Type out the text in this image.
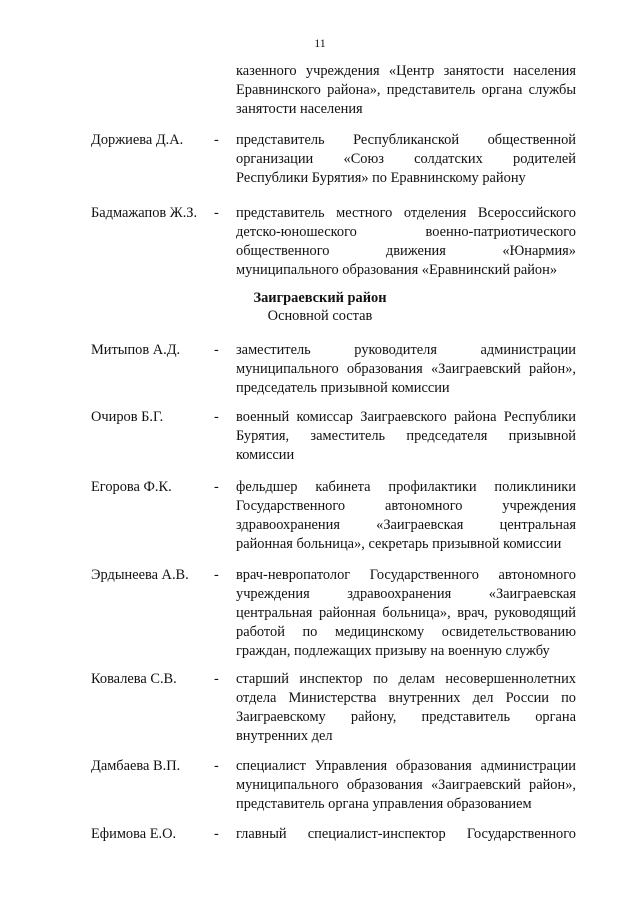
11
казенного учреждения «Центр занятости населения
Еравнинского района», представитель органа службы
занятости населения
Доржиева Д.А. - представитель Республиканской общественной
организации «Союз солдатских родителей
Республики Бурятия» по Еравнинскому району
Бадмажапов Ж.З. - представитель местного отделения Всероссийского
детско-юношеского военно-патриотического
общественного движения «Юнармия»
муниципального образования «Еравнинский район»
Заиграевский район
Основной состав
Митыпов А.Д. - заместитель руководителя администрации
муниципального образования «Заиграевский район»,
председатель призывной комиссии
Очиров Б.Г.	- военный комиссар Заиграевского района Республики
Бурятия, заместитель председателя призывной
комиссии
Егорова Ф.К.	- фельдшер кабинета профилактики поликлиники
Государственного автономного учреждения
здравоохранения «Заиграевская центральная
районная больница», секретарь призывной комиссии
Эрдынеева А.В. - врач-невропатолог Государственного автономного
учреждения здравоохранения «Заиграевская
центральная районная больница», врач, руководящий
работой по медицинскому освидетельствованию
граждан, подлежащих призыву на военную службу
Ковалева С.В.	- старший инспектор по делам несовершеннолетних
отдела Министерства внутренних дел России по
Заиграевскому району, представитель органа
внутренних дел
Дамбаева В.П. - специалист Управления образования администрации
муниципального образования «Заиграевский район»,
представитель органа управления образованием
Ефимова Е.О.	- главный специалист-инспектор Государственного
